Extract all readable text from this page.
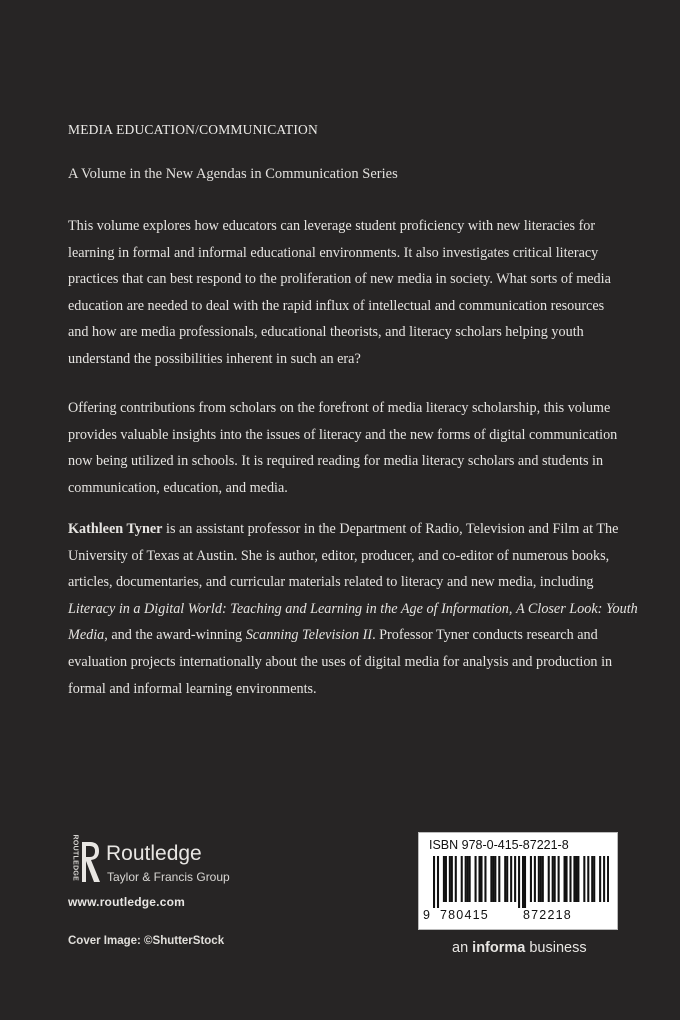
MEDIA EDUCATION/COMMUNICATION
A Volume in the New Agendas in Communication Series
This volume explores how educators can leverage student proficiency with new literacies for
learning in formal and informal educational environments. It also investigates critical literacy
practices that can best respond to the proliferation of new media in society. What sorts of media
education are needed to deal with the rapid influx of intellectual and communication resources
and how are media professionals, educational theorists, and literacy scholars helping youth
understand the possibilities inherent in such an era?
Offering contributions from scholars on the forefront of media literacy scholarship, this volume
provides valuable insights into the issues of literacy and the new forms of digital communication
now being utilized in schools. It is required reading for media literacy scholars and students in
communication, education, and media.
Kathleen Tyner is an assistant professor in the Department of Radio, Television and Film at The
University of Texas at Austin. She is author, editor, producer, and co-editor of numerous books,
articles, documentaries, and curricular materials related to literacy and new media, including
Literacy in a Digital World: Teaching and Learning in the Age of Information, A Closer Look: Youth
Media, and the award-winning Scanning Television II. Professor Tyner conducts research and
evaluation projects internationally about the uses of digital media for analysis and production in
formal and informal learning environments.
ROUTLEDGE Routledge
Taylor & Francis Group
www.routledge.com
Cover Image: ©ShutterStock
ISBN 978-0-415-87221-8
9 780415	872218
an informa business
